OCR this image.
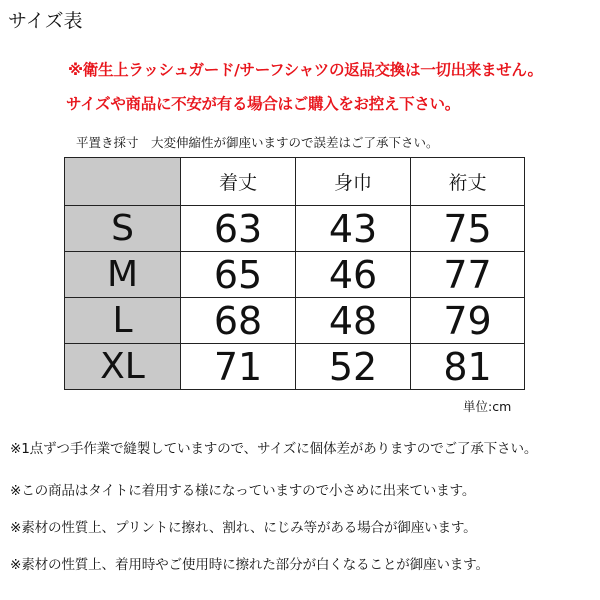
サイズ表
※衛生上ラッシュガード/サーフシャツの返品交換は一切出来ません。
サイズや商品に不安が有る場合はご購入をお控え下さい。
平置き採寸　大変伸縮性が御座いますので誤差はご了承下さい。
	着丈	身巾	裄丈
S	63	43	75
M	65	46	77
L	68	48	79
XL	71	52	81
単位:cm
※1点ずつ手作業で縫製していますので、サイズに個体差がありますのでご了承下さい。
※この商品はタイトに着用する様になっていますので小さめに出来ています。
※素材の性質上、プリントに擦れ、割れ、にじみ等がある場合が御座います。
※素材の性質上、着用時やご使用時に擦れた部分が白くなることが御座います。
